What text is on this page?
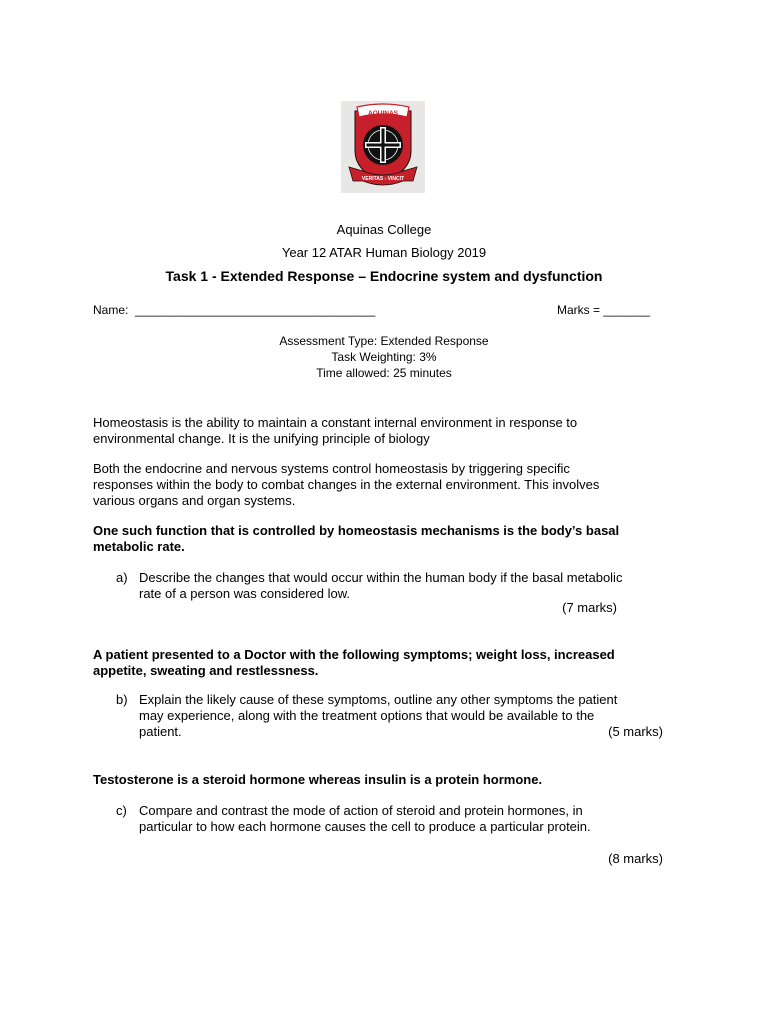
AQUINAS
VERITAS - VINCIT
Aquinas College
Year 12 ATAR Human Biology 2019
Task 1 - Extended Response – Endocrine system and dysfunction
Name:  ____________________________________	Marks = _______
Assessment Type: Extended Response
Task Weighting: 3%
Time allowed: 25 minutes
Homeostasis is the ability to maintain a constant internal environment in response to
environmental change. It is the unifying principle of biology
Both the endocrine and nervous systems control homeostasis by triggering specific
responses within the body to combat changes in the external environment. This involves
various organs and organ systems.
One such function that is controlled by homeostasis mechanisms is the body’s basal
metabolic rate.
a) Describe the changes that would occur within the human body if the basal metabolic
rate of a person was considered low.
(7 marks)
A patient presented to a Doctor with the following symptoms; weight loss, increased
appetite, sweating and restlessness.
b) Explain the likely cause of these symptoms, outline any other symptoms the patient
may experience, along with the treatment options that would be available to the
patient.	(5 marks)
Testosterone is a steroid hormone whereas insulin is a protein hormone.
c) Compare and contrast the mode of action of steroid and protein hormones, in
particular to how each hormone causes the cell to produce a particular protein.
(8 marks)
